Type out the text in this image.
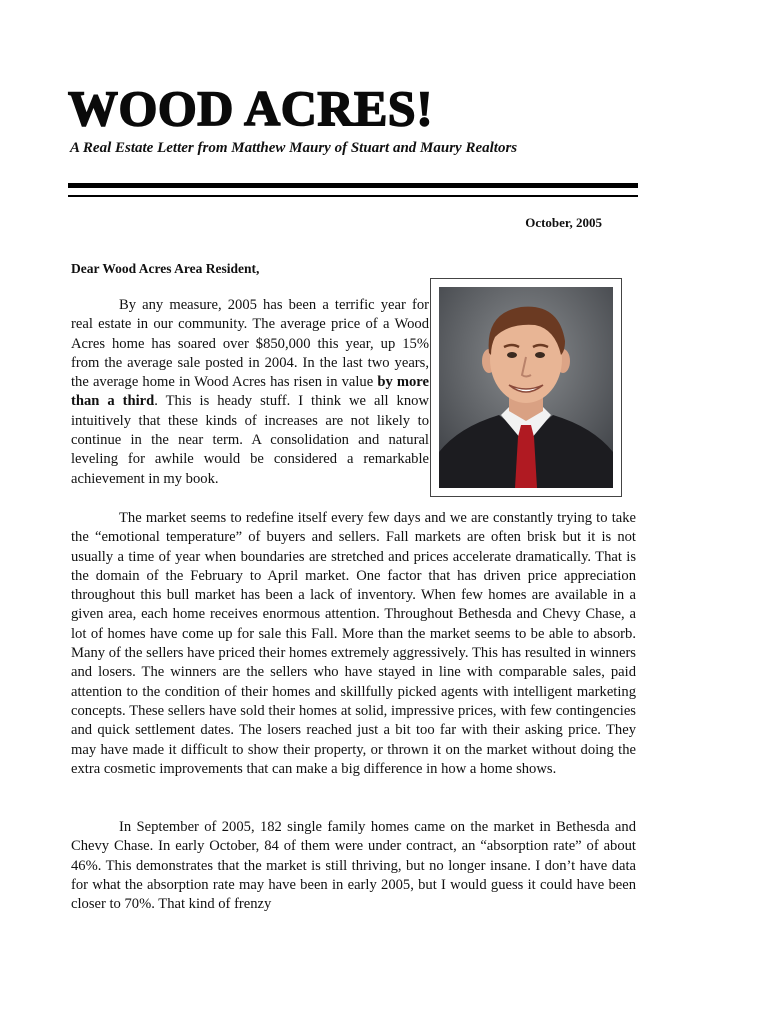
WOOD ACRES!

A Real Estate Letter from Matthew Maury of Stuart and Maury Realtors

October, 2005
Dear Wood Acres Area Resident,

By any measure, 2005 has been a terrific year for real estate in our community. The average price of a Wood Acres home has soared over $850,000 this year, up 15% from the average sale posted in 2004. In the last two years, the average home in Wood Acres has risen in value by more than a third. This is heady stuff. I think we all know intuitively that these kinds of increases are not likely to continue in the near term. A consolidation and natural leveling for awhile would be considered a remarkable achievement in my book.

The market seems to redefine itself every few days and we are constantly trying to take the “emotional temperature” of buyers and sellers. Fall markets are often brisk but it is not usually a time of year when boundaries are stretched and prices accelerate dramatically. That is the domain of the February to April market. One factor that has driven price appreciation throughout this bull market has been a lack of inventory. When few homes are available in a given area, each home receives enormous attention. Throughout Bethesda and Chevy Chase, a lot of homes have come up for sale this Fall. More than the market seems to be able to absorb. Many of the sellers have priced their homes extremely aggressively. This has resulted in winners and losers. The winners are the sellers who have stayed in line with comparable sales, paid attention to the condition of their homes and skillfully picked agents with intelligent marketing concepts. These sellers have sold their homes at solid, impressive prices, with few contingencies and quick settlement dates. The losers reached just a bit too far with their asking price. They may have made it difficult to show their property, or thrown it on the market without doing the extra cosmetic improvements that can make a big difference in how a home shows.

In September of 2005, 182 single family homes came on the market in Bethesda and Chevy Chase. In early October, 84 of them were under contract, an “absorption rate” of about 46%. This demonstrates that the market is still thriving, but no longer insane. I don’t have data for what the absorption rate may have been in early 2005, but I would guess it could have been closer to 70%. That kind of frenzy
